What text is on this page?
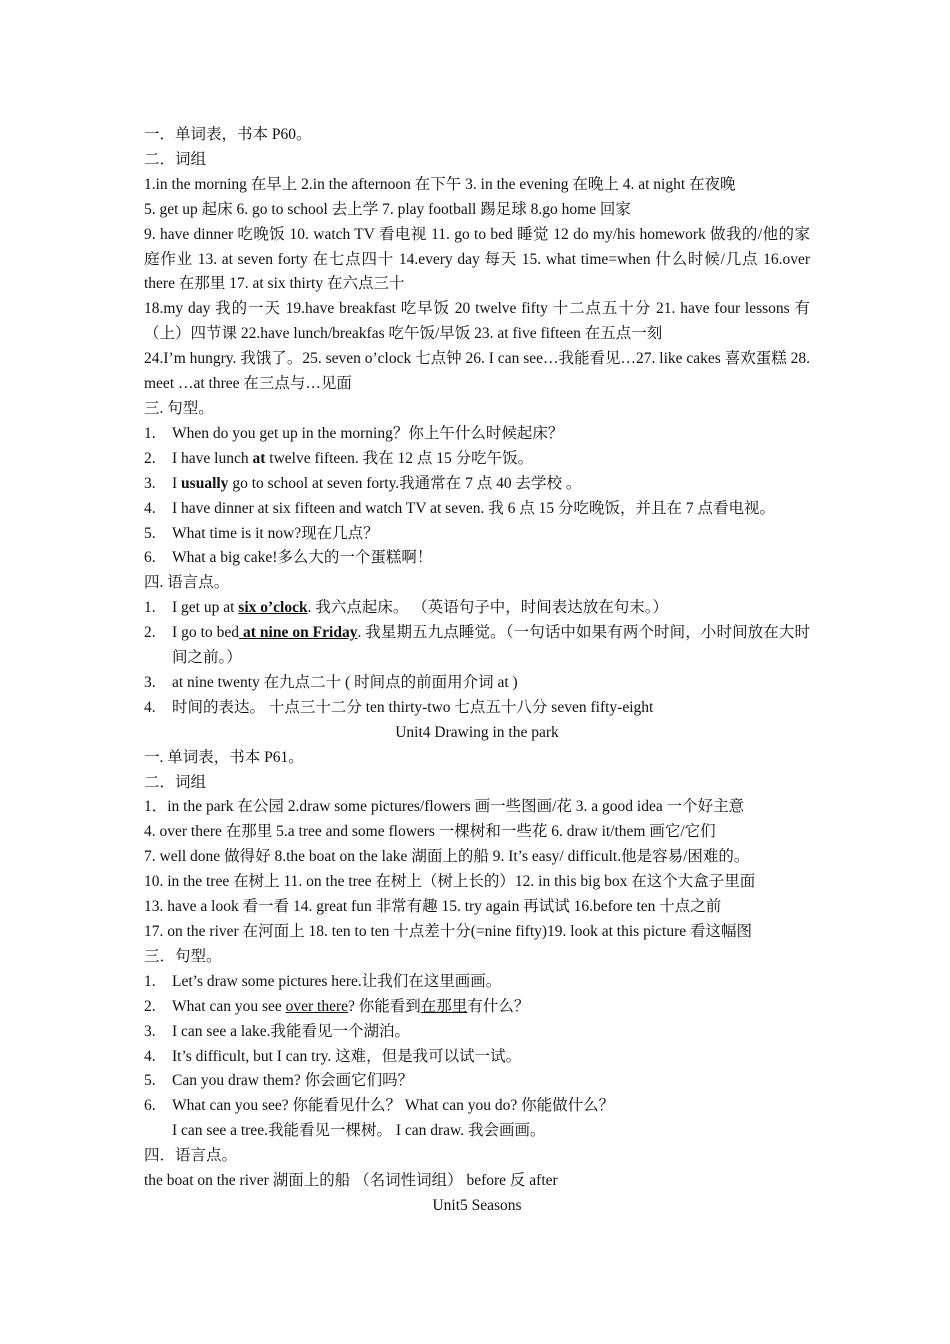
一．单词表，书本 P60。
二．词组
1.in the morning 在早上 2.in the afternoon 在下午 3. in the evening 在晚上 4. at night 在夜晚
5. get up 起床 6. go to school 去上学 7. play football 踢足球 8.go home 回家
9. have dinner 吃晚饭 10. watch TV 看电视 11. go to bed 睡觉 12 do my/his homework 做我的/他的家庭作业 13. at seven forty 在七点四十 14.every day 每天 15. what time=when 什么时候/几点 16.over there 在那里 17. at six thirty 在六点三十
18.my day 我的一天 19.have breakfast 吃早饭 20 twelve fifty 十二点五十分 21. have four lessons 有（上）四节课 22.have lunch/breakfas 吃午饭/早饭 23. at five fifteen 在五点一刻
24.I’m hungry. 我饿了。25. seven o’clock 七点钟 26. I can see…我能看见…27. like cakes 喜欢蛋糕 28. meet …at three 在三点与…见面
三. 句型。
1.	When do you get up in the morning？你上午什么时候起床？
2.	I have lunch at twelve fifteen. 我在 12 点 15 分吃午饭。
3.	I usually go to school at seven forty.我通常在 7 点 40 去学校 。
4.	I have dinner at six fifteen and watch TV at seven. 我 6 点 15 分吃晚饭，并且在 7 点看电视。
5.	What time is it now?现在几点？
6.	What a big cake!多么大的一个蛋糕啊！
四. 语言点。
1.	I get up at six o’clock. 我六点起床。 （英语句子中，时间表达放在句末。）
2.	I go to bed at nine on Friday. 我星期五九点睡觉。（一句话中如果有两个时间，小时间放在大时间之前。）
3.	at nine twenty 在九点二十 ( 时间点的前面用介词 at )
4.	时间的表达。 十点三十二分 ten thirty-two 七点五十八分 seven fifty-eight
Unit4 Drawing in the park
一. 单词表，书本 P61。
二．词组
1．in the park 在公园 2.draw some pictures/flowers 画一些图画/花 3. a good idea 一个好主意
4. over there 在那里 5.a tree and some flowers 一棵树和一些花 6. draw it/them 画它/它们
7. well done 做得好 8.the boat on the lake 湖面上的船 9. It’s easy/ difficult.他是容易/困难的。
10. in the tree 在树上 11. on the tree 在树上（树上长的）12. in this big box 在这个大盒子里面
13. have a look 看一看 14. great fun 非常有趣 15. try again 再试试 16.before ten 十点之前
17. on the river 在河面上 18. ten to ten 十点差十分(=nine fifty)19. look at this picture 看这幅图
三．句型。
1.	Let’s draw some pictures here.让我们在这里画画。
2.	What can you see over there? 你能看到在那里有什么？
3.	I can see a lake.我能看见一个湖泊。
4.	It’s difficult, but I can try. 这难，但是我可以试一试。
5.	Can you draw them? 你会画它们吗？
6.	What can you see? 你能看见什么？ What can you do? 你能做什么？
I can see a tree.我能看见一棵树。 I can draw. 我会画画。
四．语言点。
the boat on the river 湖面上的船 （名词性词组） before 反 after
Unit5 Seasons
